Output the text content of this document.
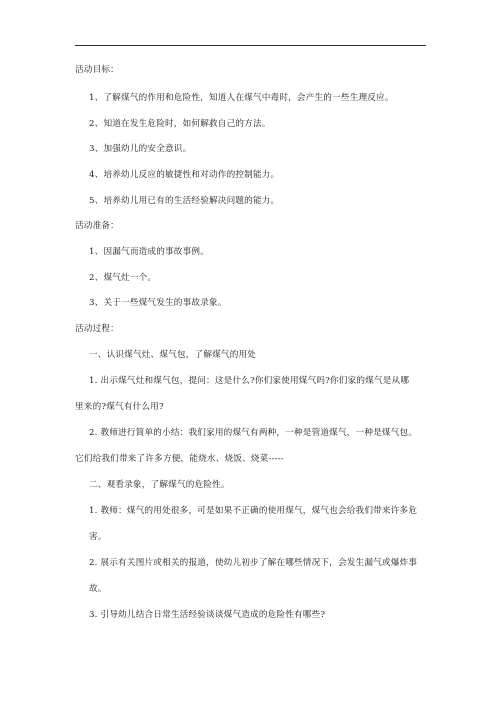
活动目标：
1、了解煤气的作用和危险性，知道人在煤气中毒时，会产生的一些生理反应。
2、知道在发生危险时，如何解救自己的方法。
3、加强幼儿的安全意识。
4、培养幼儿反应的敏捷性和对动作的控制能力。
5、培养幼儿用已有的生活经验解决问题的能力。
活动准备：
1、因漏气而造成的事故事例。
2、煤气灶一个。
3、关于一些煤气发生的事故录象。
活动过程：
一、认识煤气灶、煤气包，了解煤气的用处
1. 出示煤气灶和煤气包，提问：这是什么?你们家使用煤气吗?你们家的煤气是从哪
里来的?煤气有什么用?
2. 教师进行简单的小结：我们家用的煤气有两种，一种是管道煤气，一种是煤气包。
它们给我们带来了许多方便，能烧水、烧饭、烧菜-----
二、观看录象，了解煤气的危险性。
1. 教师：煤气的用处很多，可是如果不正确的使用煤气，煤气也会给我们带来许多危
害。
2. 展示有关图片或相关的报道，使幼儿初步了解在哪些情况下，会发生漏气或爆炸事
故。
3. 引导幼儿结合日常生活经验谈谈煤气造成的危险性有哪些?
